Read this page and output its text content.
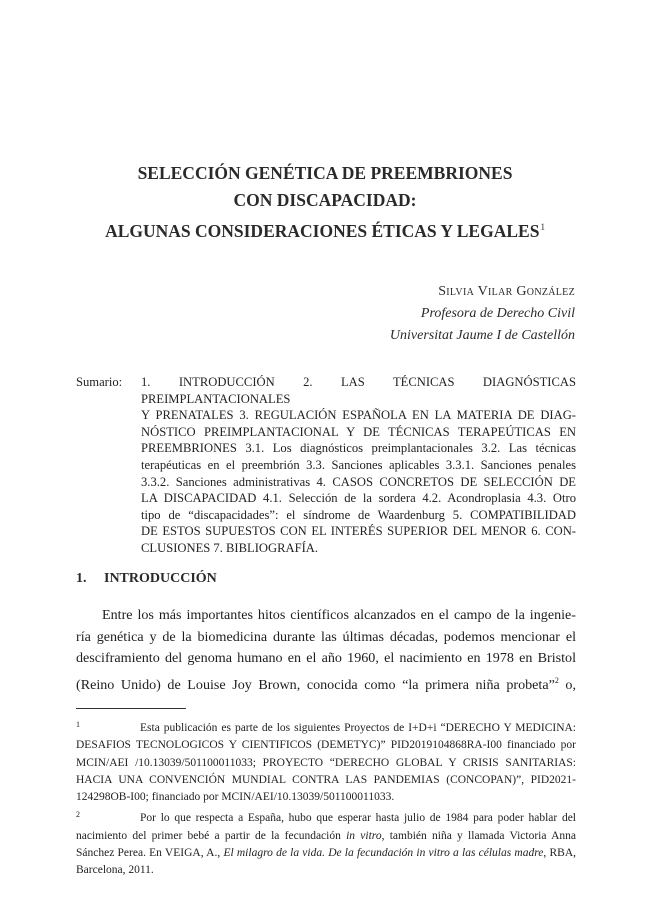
SELECCIÓN GENÉTICA DE PREEMBRIONES
CON DISCAPACIDAD:
ALGUNAS CONSIDERACIONES ÉTICAS Y LEGALES$^1$
Silvia Vilar González
Profesora de Derecho Civil
Universitat Jaume I de Castellón
Sumario: 1. INTRODUCCIÓN 2. LAS TÉCNICAS DIAGNÓSTICAS PREIMPLANTACIONALES
Y PRENATALES 3. REGULACIÓN ESPAÑOLA EN LA MATERIA DE DIAG-
NÓSTICO PREIMPLANTACIONAL Y DE TÉCNICAS TERAPEÚTICAS EN
PREEMBRIONES 3.1. Los diagnósticos preimplantacionales 3.2. Las técnicas
terapéuticas en el preembrión 3.3. Sanciones aplicables 3.3.1. Sanciones penales
3.3.2. Sanciones administrativas 4. CASOS CONCRETOS DE SELECCIÓN DE
LA DISCAPACIDAD 4.1. Selección de la sordera 4.2. Acondroplasia 4.3. Otro
tipo de “discapacidades”: el síndrome de Waardenburg 5. COMPATIBILIDAD
DE ESTOS SUPUESTOS CON EL INTERÉS SUPERIOR DEL MENOR 6. CON-
CLUSIONES 7. BIBLIOGRAFÍA.
1. INTRODUCCIÓN
Entre los más importantes hitos científicos alcanzados en el campo de la ingenie-
ría genética y de la biomedicina durante las últimas décadas, podemos mencionar el
desciframiento del genoma humano en el año 1960, el nacimiento en 1978 en Bristol
(Reino Unido) de Louise Joy Brown, conocida como “la primera niña probeta”$^2$ o,
1	Esta publicación es parte de los siguientes Proyectos de I+D+i “DERECHO Y MEDICINA:
DESAFIOS TECNOLOGICOS Y CIENTIFICOS (DEMETYC)” PID2019104868RA-I00 financiado por
MCIN/AEI /10.13039/501100011033; PROYECTO “DERECHO GLOBAL Y CRISIS SANITARIAS:
HACIA UNA CONVENCIÓN MUNDIAL CONTRA LAS PANDEMIAS (CONCOPAN)”, PID2021-
124298OB-I00; financiado por MCIN/AEI/10.13039/501100011033.
2	Por lo que respecta a España, hubo que esperar hasta julio de 1984 para poder hablar del
nacimiento del primer bebé a partir de la fecundación in vitro, también niña y llamada Victoria Anna
Sánchez Perea. En VEIGA, A., El milagro de la vida. De la fecundación in vitro a las células madre, RBA,
Barcelona, 2011.
